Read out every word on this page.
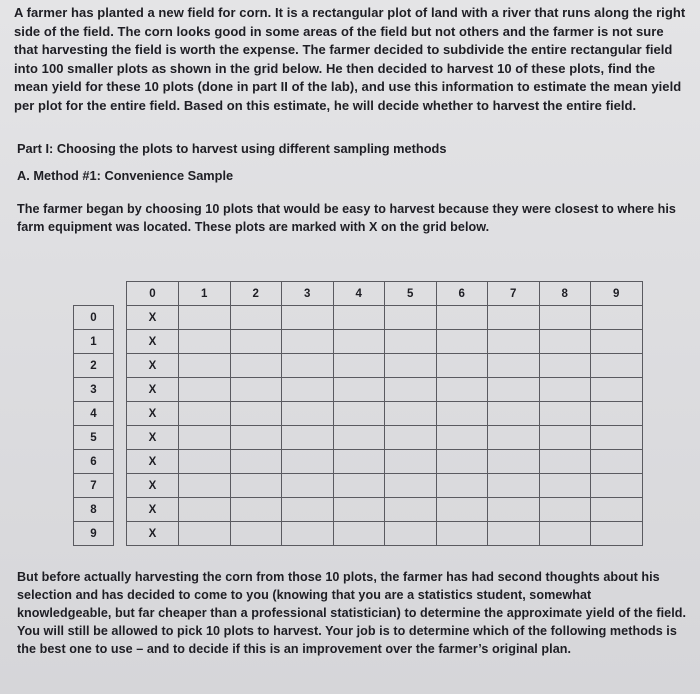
A farmer has planted a new field for corn. It is a rectangular plot of land with a river that runs along the right side of the field. The corn looks good in some areas of the field but not others and the farmer is not sure that harvesting the field is worth the expense. The farmer decided to subdivide the entire rectangular field into 100 smaller plots as shown in the grid below. He then decided to harvest 10 of these plots, find the mean yield for these 10 plots (done in part II of the lab), and use this information to estimate the mean yield per plot for the entire field. Based on this estimate, he will decide whether to harvest the entire field.

Part I: Choosing the plots to harvest using different sampling methods

A. Method #1: Convenience Sample

The farmer began by choosing 10 plots that would be easy to harvest because they were closest to where his farm equipment was located. These plots are marked with X on the grid below.

		0	1	2	3	4	5	6	7	8	9
0		X									
1		X									
2		X									
3		X									
4		X									
5		X									
6		X									
7		X									
8		X									
9		X									

But before actually harvesting the corn from those 10 plots, the farmer has had second thoughts about his selection and has decided to come to you (knowing that you are a statistics student, somewhat knowledgeable, but far cheaper than a professional statistician) to determine the approximate yield of the field. You will still be allowed to pick 10 plots to harvest. Your job is to determine which of the following methods is the best one to use – and to decide if this is an improvement over the farmer’s original plan.
